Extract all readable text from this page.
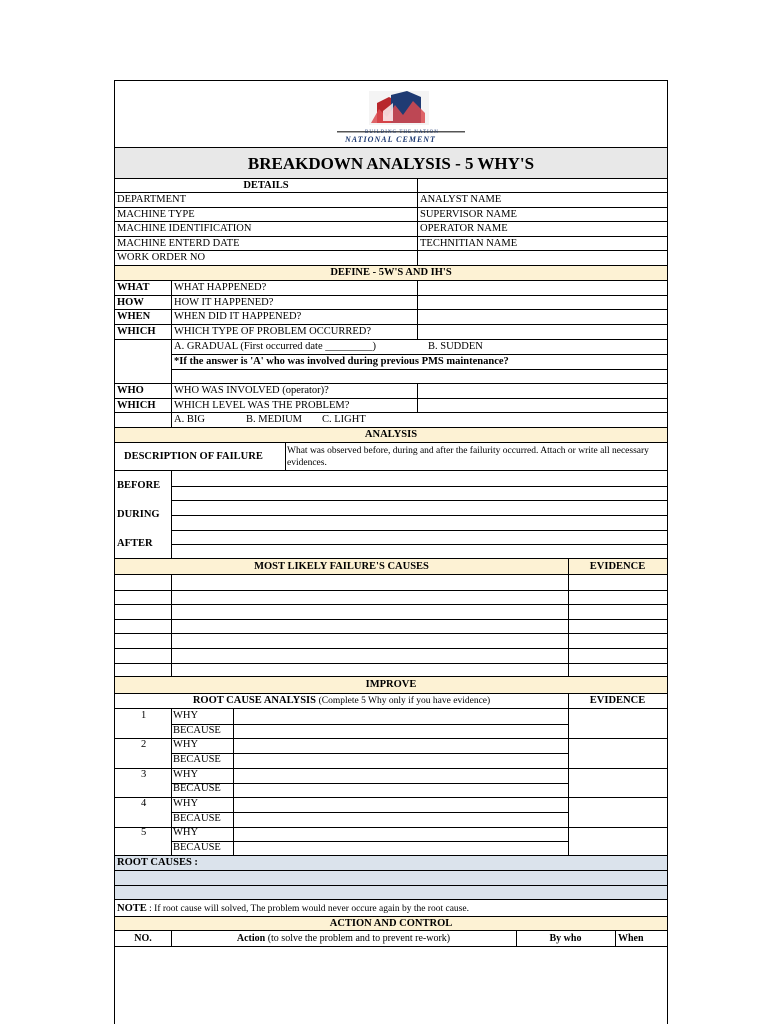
BUILDING THE NATION
NATIONAL CEMENT
BREAKDOWN ANALYSIS - 5 WHY'S
DETAILS
DEPARTMENT	ANALYST NAME
MACHINE TYPE	SUPERVISOR NAME
MACHINE IDENTIFICATION	OPERATOR NAME
MACHINE ENTERD DATE	TECHNITIAN NAME
WORK ORDER NO
DEFINE - 5W'S AND IH'S
WHAT WHAT HAPPENED?
HOW	HOW IT HAPPENED?
WHEN WHEN DID IT HAPPENED?
WHICH WHICH TYPE OF PROBLEM OCCURRED?
A. GRADUAL (First occurred date _________)	B. SUDDEN
*If the answer is 'A' who was involved during previous PMS maintenance?
WHO	WHO WAS INVOLVED (operator)?
WHICH WHICH LEVEL WAS THE PROBLEM?
A. BIG	B. MEDIUM C. LIGHT
ANALYSIS
DESCRIPTION OF FAILURE	What was observed before, during and after the failurity occurred. Attach or write all necessary evidences.
BEFORE
DURING
AFTER
MOST LIKELY FAILURE'S CAUSES	EVIDENCE
IMPROVE
ROOT CAUSE ANALYSIS (Complete 5 Why only if you have evidence)	EVIDENCE
1	WHY
BECAUSE
2	WHY
BECAUSE
3	WHY
BECAUSE
4	WHY
BECAUSE
5	WHY
BECAUSE
ROOT CAUSES :
NOTE : If root cause will solved, The problem would never occure again by the root cause.
ACTION AND CONTROL
NO.	Action (to solve the problem and to prevent re-work)	By who	When
